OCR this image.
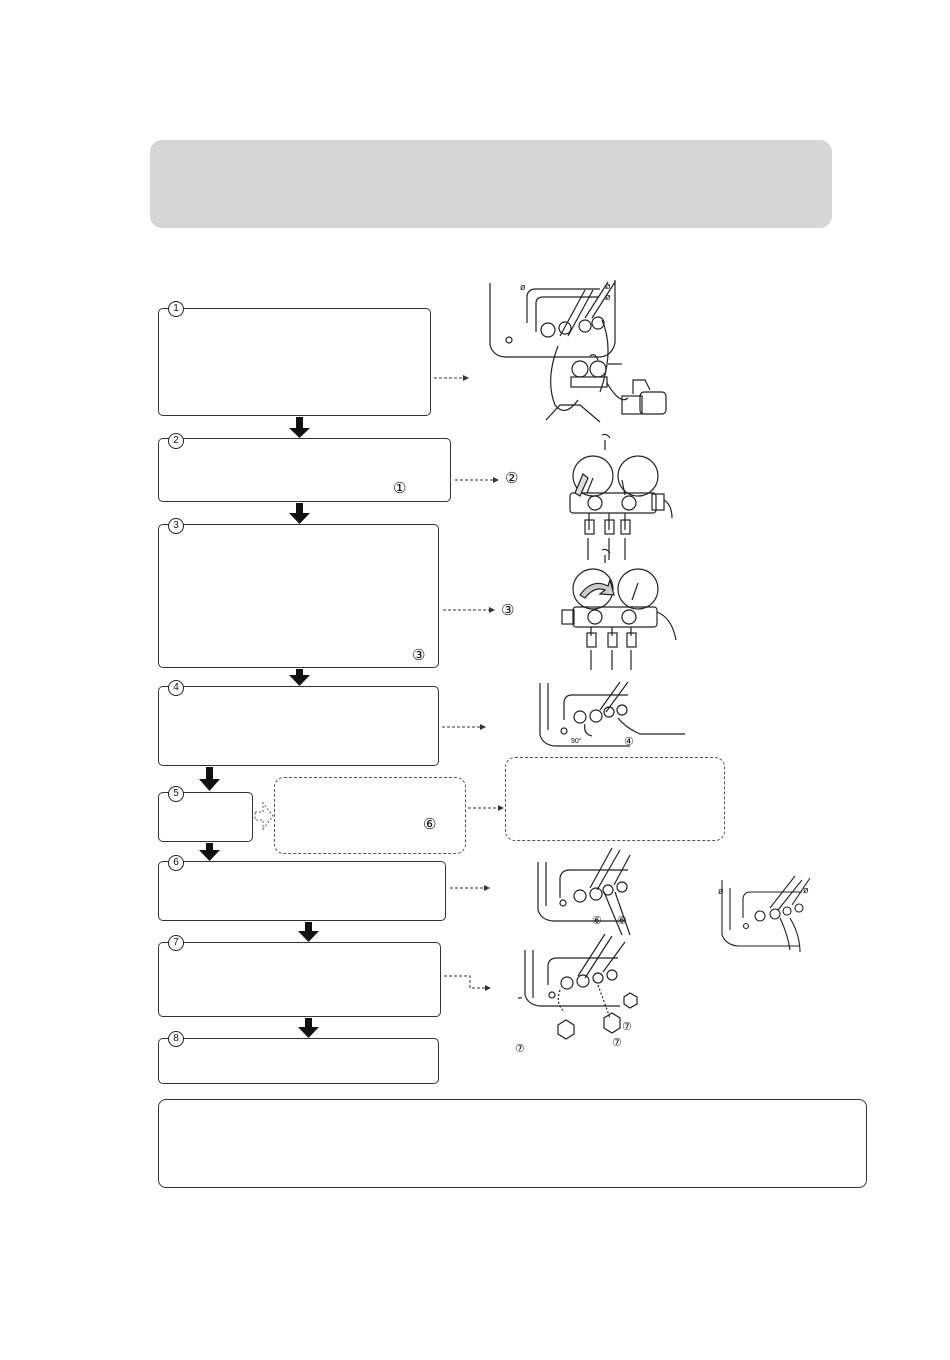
1
2
3
4
5
6
7
8
①
③
⑥
②
③
④
⑥ ⑥
⑦
⑦
⑦
ø	ø
ø
ø
ø
90°
